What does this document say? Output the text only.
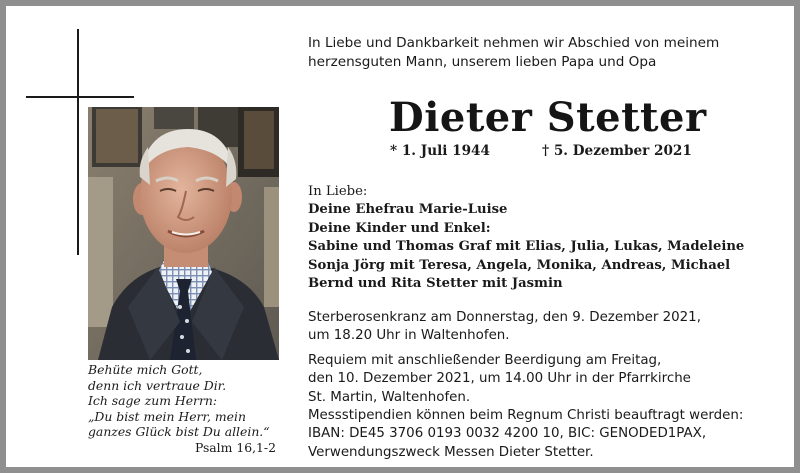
Behüte mich Gott,
denn ich vertraue Dir.
Ich sage zum Herrn:
„Du bist mein Herr, mein
ganzes Glück bist Du allein.“
Psalm 16,1-2
In Liebe und Dankbarkeit nehmen wir Abschied von meinem
herzensguten Mann, unserem lieben Papa und Opa
Dieter Stetter
* 1. Juli 1944	† 5. Dezember 2021
In Liebe:
Deine Ehefrau Marie-Luise
Deine Kinder und Enkel:
Sabine und Thomas Graf mit Elias, Julia, Lukas, Madeleine
Sonja Jörg mit Teresa, Angela, Monika, Andreas, Michael
Bernd und Rita Stetter mit Jasmin
Sterberosenkranz am Donnerstag, den 9. Dezember 2021,
um 18.20 Uhr in Waltenhofen.
Requiem mit anschließender Beerdigung am Freitag,
den 10. Dezember 2021, um 14.00 Uhr in der Pfarrkirche
St. Martin, Waltenhofen.
Messstipendien können beim Regnum Christi beauftragt werden:
IBAN: DE45 3706 0193 0032 4200 10, BIC: GENODED1PAX,
Verwendungszweck Messen Dieter Stetter.
